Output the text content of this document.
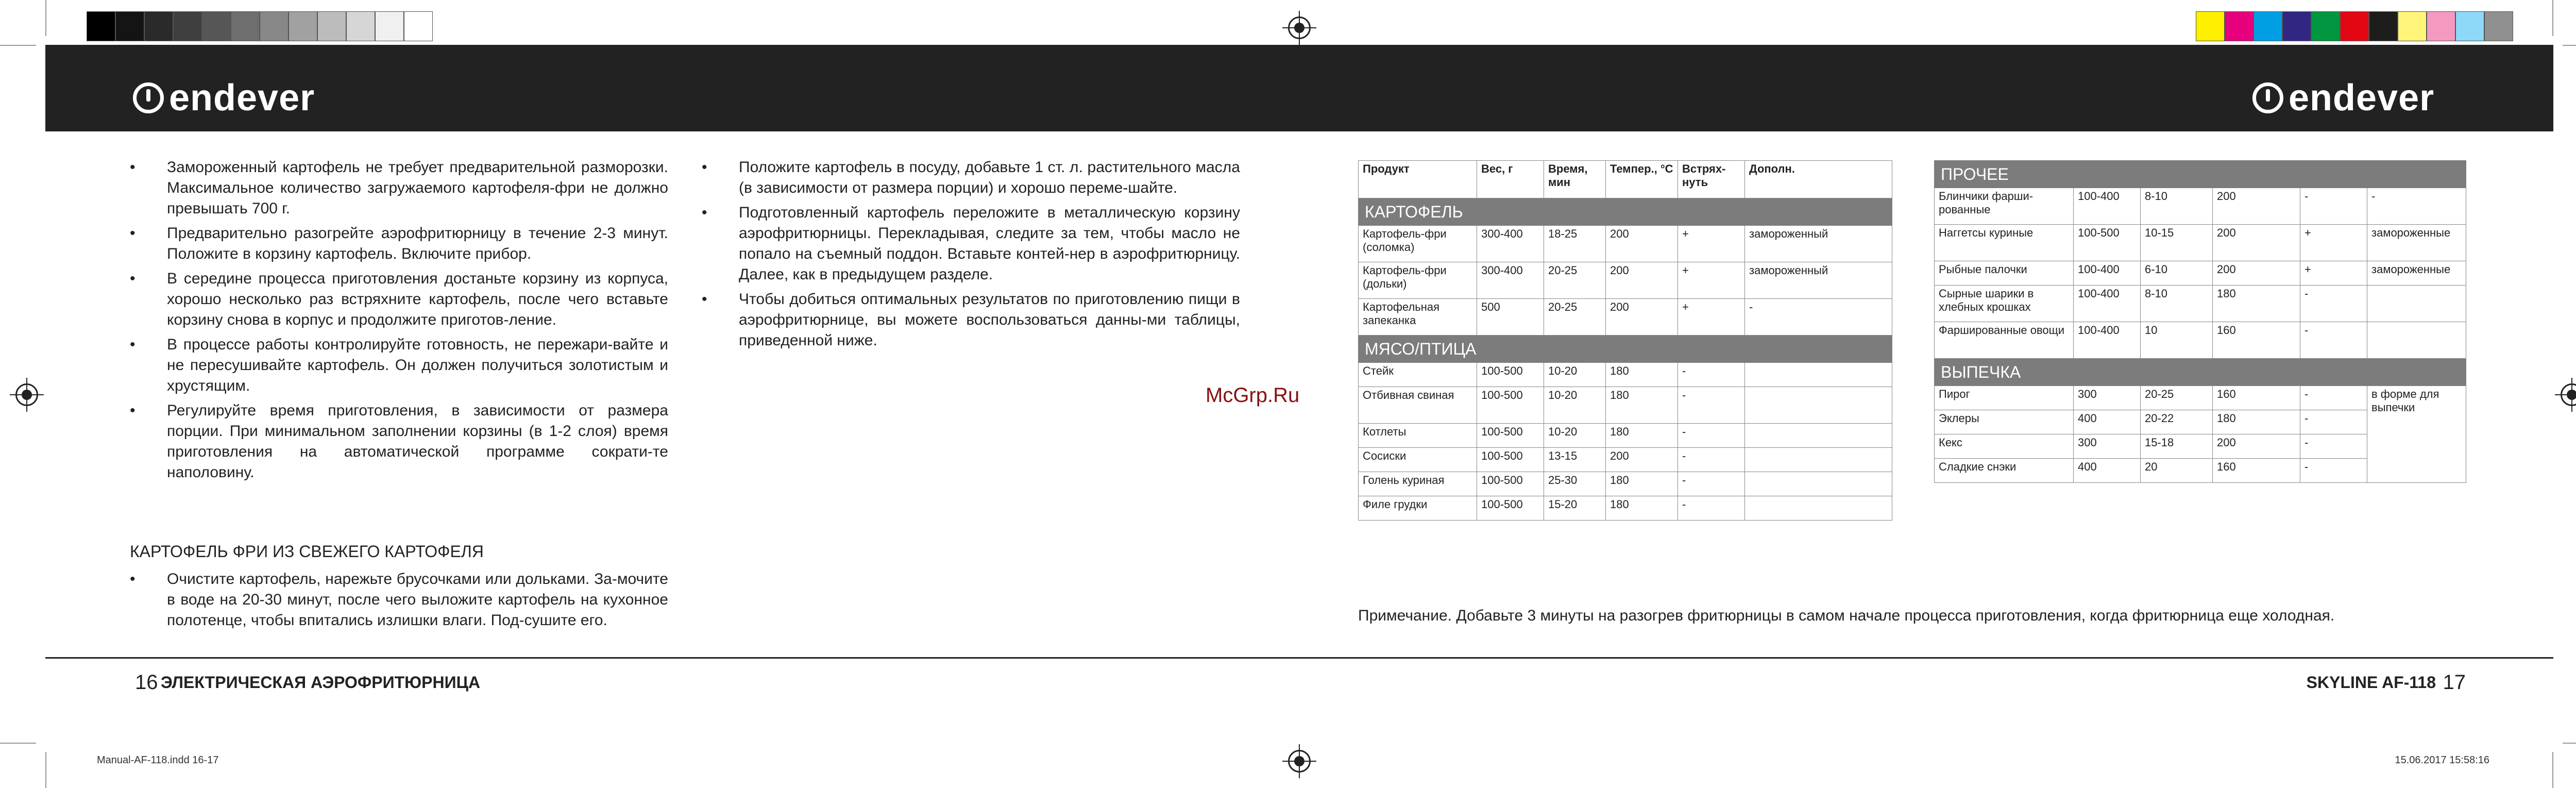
endever	endever
• Замороженный картофель не требует предварительной разморозки. Максимальное количество загружаемого картофеля-фри не должно превышать 700 г.
• Предварительно разогрейте аэрофритюрницу в течение 2-3 минут. Положите в корзину картофель. Включите прибор.
• В середине процесса приготовления достаньте корзину из корпуса, хорошо несколько раз встряхните картофель, после чего вставьте корзину снова в корпус и продолжите приготов-ление.
• В процессе работы контролируйте готовность, не пережари-вайте и не пересушивайте картофель. Он должен получиться золотистым и хрустящим.
• Регулируйте время приготовления, в зависимости от размера порции. При минимальном заполнении корзины (в 1-2 слоя) время приготовления на автоматической программе сократи-те наполовину.
КАРТОФЕЛЬ ФРИ ИЗ СВЕЖЕГО КАРТОФЕЛЯ
• Очистите картофель, нарежьте брусочками или дольками. За-мочите в воде на 20-30 минут, после чего выложите картофель на кухонное полотенце, чтобы впитались излишки влаги. Под-сушите его.
• Положите картофель в посуду, добавьте 1 ст. л. растительного масла (в зависимости от размера порции) и хорошо переме-шайте.
• Подготовленный картофель переложите в металлическую корзину аэрофритюрницы. Перекладывая, следите за тем, чтобы масло не попало на съемный поддон. Вставьте контей-нер в аэрофритюрницу. Далее, как в предыдущем разделе.
• Чтобы добиться оптимальных результатов по приготовлению пищи в аэрофритюрнице, вы можете воспользоваться данны-ми таблицы, приведенной ниже.
McGrp.Ru
Продукт	Вес, г	Время, мин	Темпер., °C	Встрях-нуть	Дополн.
КАРТОФЕЛЬ					
Картофель-фри (соломка)	300-400	18-25	200	+	замороженный
Картофель-фри (дольки)	300-400	20-25	200	+	замороженный
Картофельная запеканка	500	20-25	200	+	-
МЯСО/ПТИЦА					
Стейк	100-500	10-20	180	-	
Отбивная свиная	100-500	10-20	180	-	
Котлеты	100-500	10-20	180	-	
Сосиски	100-500	13-15	200	-	
Голень куриная	100-500	25-30	180	-	
Филе грудки	100-500	15-20	180	-	
ПРОЧЕЕ					
Блинчики фарши-рованные	100-400	8-10	200	-	-
Наггетсы куриные	100-500	10-15	200	+	замороженные
Рыбные палочки	100-400	6-10	200	+	замороженные
Сырные шарики в хлебных крошках	100-400	8-10	180	-	
Фаршированные овощи	100-400	10	160	-	
ВЫПЕЧКА					
Пирог	300	20-25	160	-	в форме для выпечки
Эклеры	400	20-22	180	-	
Кекс	300	15-18	200	-	
Сладкие снэки	400	20	160	-	
Примечание. Добавьте 3 минуты на разогрев фритюрницы в самом начале процесса приготовления, когда фритюрница еще холодная.
16 ЭЛЕКТРИЧЕСКАЯ АЭРОФРИТЮРНИЦА	SKYLINE AF-118 17
Manual-AF-118.indd 16-17	15.06.2017 15:58:16
